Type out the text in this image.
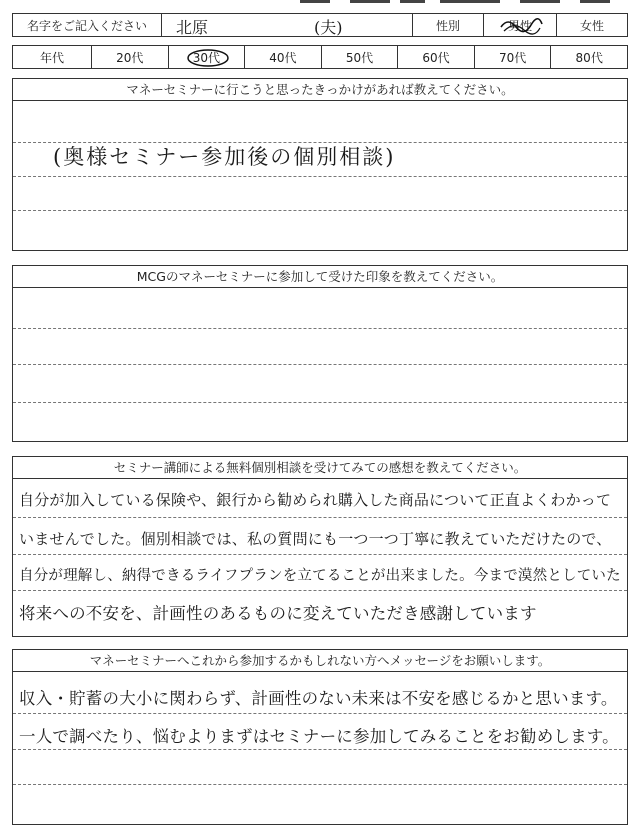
名字をご記入ください	北原	(夫)	性別	男性	女性
年代	20代	30代	40代	50代	60代	70代	80代
マネーセミナーに行こうと思ったきっかけがあれば教えてください。
(奥様セミナー参加後の個別相談)
MCGのマネーセミナーに参加して受けた印象を教えてください。
セミナー講師による無料個別相談を受けてみての感想を教えてください。
自分が加入している保険や、銀行から勧められ購入した商品について正直よくわかって
いませんでした。個別相談では、私の質問にも一つ一つ丁寧に教えていただけたので、
自分が理解し、納得できるライフプランを立てることが出来ました。今まで漠然としていた
将来への不安を、計画性のあるものに変えていただき感謝しています
マネーセミナーへこれから参加するかもしれない方へメッセージをお願いします。
収入・貯蓄の大小に関わらず、計画性のない未来は不安を感じるかと思います。
一人で調べたり、悩むよりまずはセミナーに参加してみることをお勧めします。
